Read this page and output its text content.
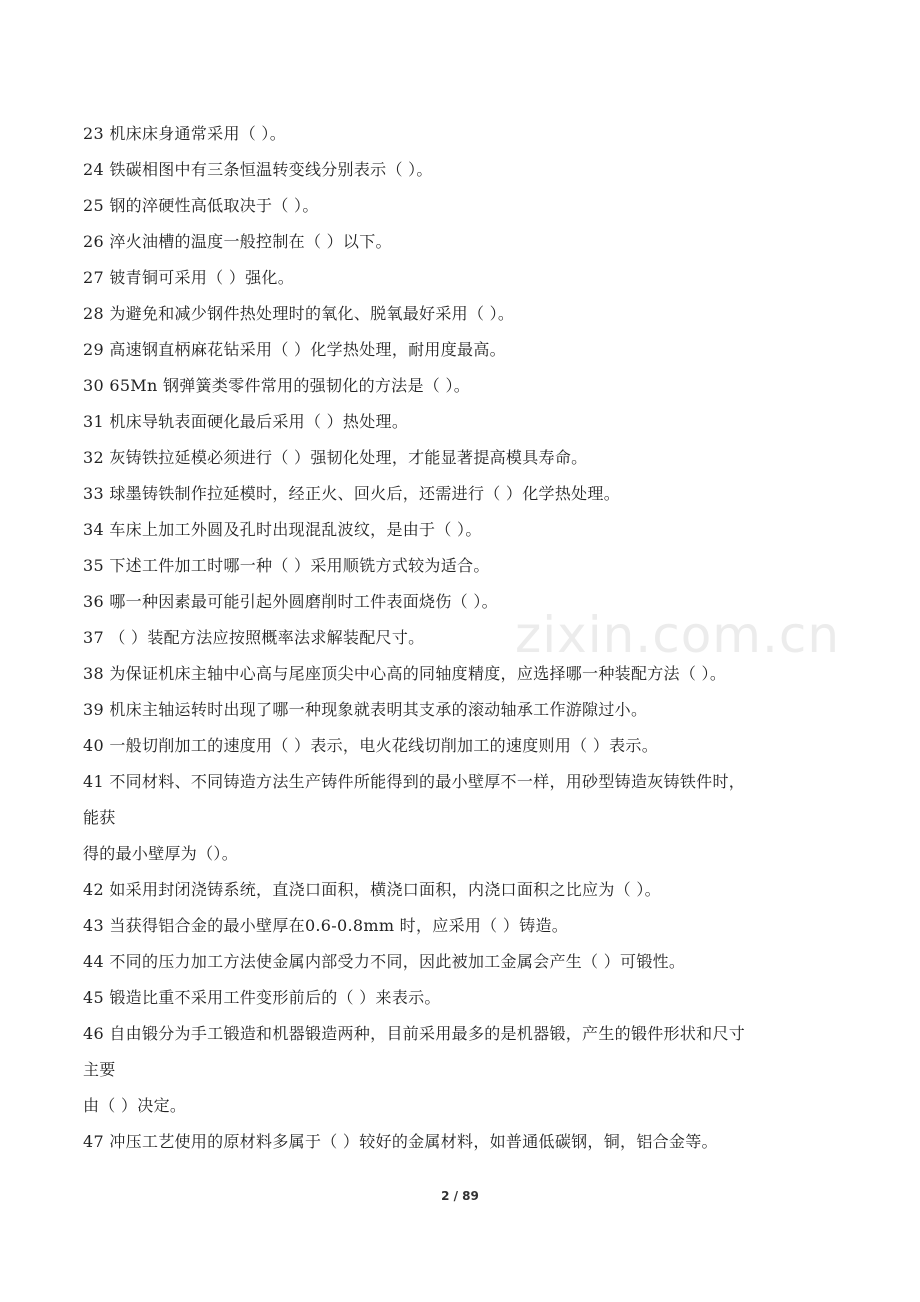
23 机床床身通常采用（ ）。
24 铁碳相图中有三条恒温转变线分别表示（ ）。
25 钢的淬硬性高低取决于（ ）。
26 淬火油槽的温度一般控制在（ ）以下。
27 铍青铜可采用（ ）强化。
28 为避免和减少钢件热处理时的氧化、脱氧最好采用（ ）。
29 高速钢直柄麻花钻采用（ ）化学热处理，耐用度最高。
30 65Mn 钢弹簧类零件常用的强韧化的方法是（ ）。
31 机床导轨表面硬化最后采用（ ）热处理。
32 灰铸铁拉延模必须进行（ ）强韧化处理，才能显著提高模具寿命。
33 球墨铸铁制作拉延模时，经正火、回火后，还需进行（ ）化学热处理。
34 车床上加工外圆及孔时出现混乱波纹，是由于（ ）。
35 下述工件加工时哪一种（ ）采用顺铣方式较为适合。
36 哪一种因素最可能引起外圆磨削时工件表面烧伤（ ）。
37 （ ）装配方法应按照概率法求解装配尺寸。
38 为保证机床主轴中心高与尾座顶尖中心高的同轴度精度，应选择哪一种装配方法（ ）。
39 机床主轴运转时出现了哪一种现象就表明其支承的滚动轴承工作游隙过小。
40 一般切削加工的速度用（ ）表示，电火花线切削加工的速度则用（ ）表示。
41 不同材料、不同铸造方法生产铸件所能得到的最小壁厚不一样，用砂型铸造灰铸铁件时，
能获
得的最小壁厚为（）。
42 如采用封闭浇铸系统，直浇口面积，横浇口面积，内浇口面积之比应为（ ）。
43 当获得铝合金的最小壁厚在0.6-0.8mm 时，应采用（ ）铸造。
44 不同的压力加工方法使金属内部受力不同，因此被加工金属会产生（ ）可锻性。
45 锻造比重不采用工件变形前后的（ ）来表示。
46 自由锻分为手工锻造和机器锻造两种，目前采用最多的是机器锻，产生的锻件形状和尺寸
主要
由（ ）决定。
47 冲压工艺使用的原材料多属于（ ）较好的金属材料，如普通低碳钢，铜，铝合金等。
zixin.com.cn
2 / 89
